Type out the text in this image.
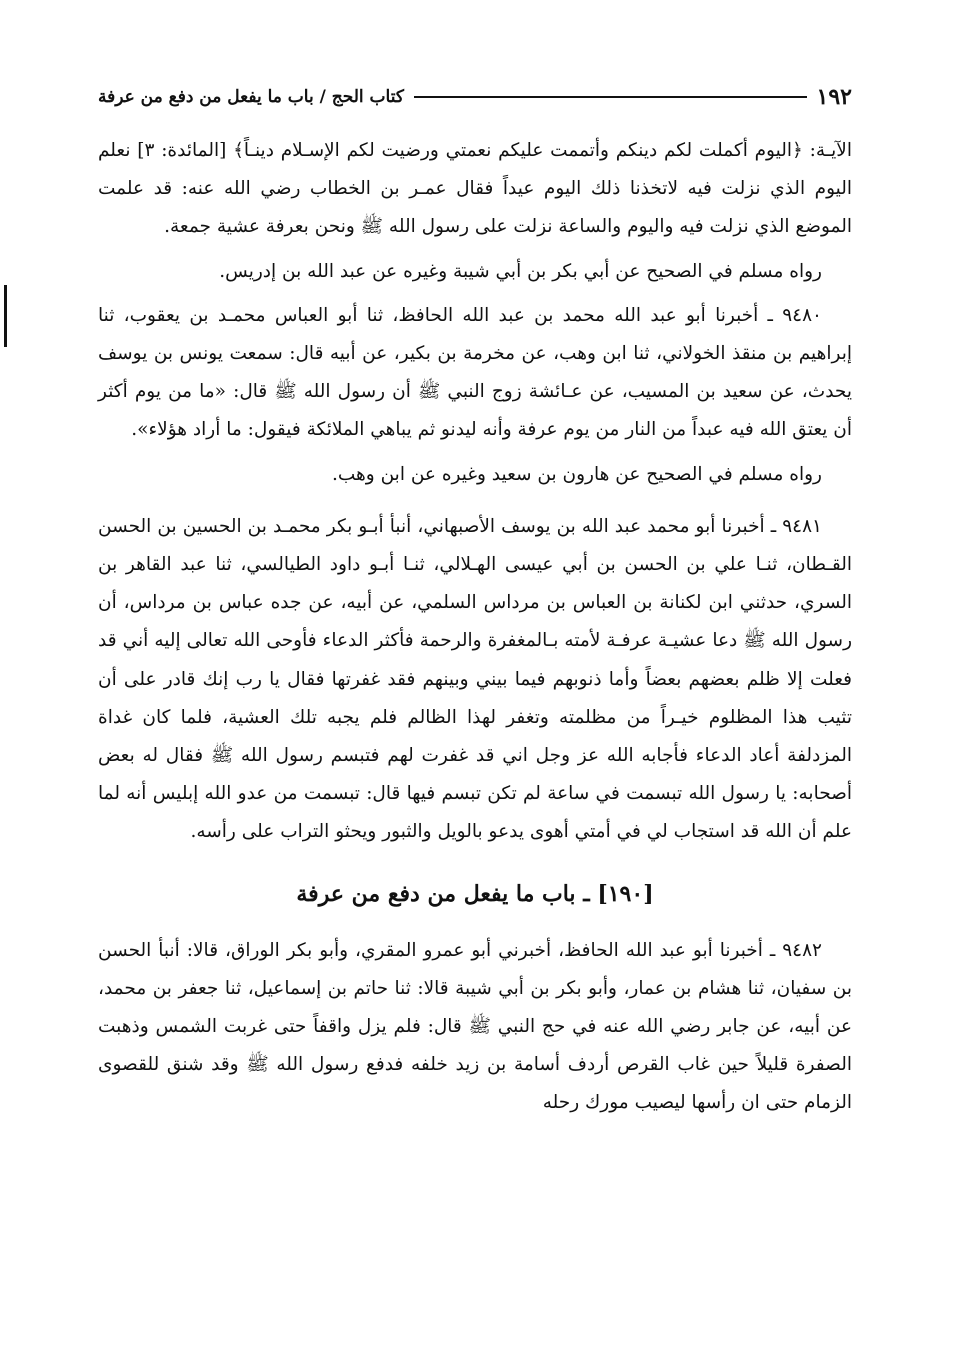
١٩٢
كتاب الحج / باب ما يفعل من دفع من عرفة

الآيـة: ﴿اليوم أكملت لكم دينكم وأتممت عليكم نعمتي ورضيت لكم الإسـلام دينـاً﴾ [المائدة: ٣] نعلم اليوم الذي نزلت فيه لاتخذنا ذلك اليوم عيداً فقال عمـر بن الخطاب رضي الله عنه: قد علمت الموضع الذي نزلت فيه واليوم والساعة نزلت على رسول الله ﷺ ونحن بعرفة عشية جمعة.

رواه مسلم في الصحيح عن أبي بكر بن أبي شيبة وغيره عن عبد الله بن إدريس.

٩٤٨٠ ـ أخبرنا أبو عبد الله محمد بن عبد الله الحافظ، ثنا أبو العباس محمـد بن يعقوب، ثنا إبراهيم بن منقذ الخولاني، ثنا ابن وهب، عن مخرمة بن بكير، عن أبيه قال: سمعت يونس بن يوسف يحدث، عن سعيد بن المسيب، عن عـائشة زوج النبي ﷺ أن رسول الله ﷺ قال: «ما من يوم أكثر أن يعتق الله فيه عبداً من النار من يوم عرفة وأنه ليدنو ثم يباهي الملائكة فيقول: ما أراد هؤلاء».

رواه مسلم في الصحيح عن هارون بن سعيد وغيره عن ابن وهب.

٩٤٨١ ـ أخبرنا أبو محمد عبد الله بن يوسف الأصبهاني، أنبأ أبـو بكر محمـد بن الحسين بن الحسن القـطان، ثنـا علي بن الحسن بن أبي عيسى الهـلالي، ثنـا أبـو داود الطيالسي، ثنا عبد القاهر بن السري، حدثني ابن لكنانة بن العباس بن مرداس السلمي، عن أبيه، عن جده عباس بن مرداس، أن رسول الله ﷺ دعا عشيـة عرفـة لأمته بـالمغفرة والرحمة فأكثر الدعاء فأوحى الله تعالى إليه أني قد فعلت إلا ظلم بعضهم بعضاً وأما ذنوبهم فيما بيني وبينهم فقد غفرتها فقال يا رب إنك قادر على أن تثيب هذا المظلوم خيـراً من مظلمته وتغفر لهذا الظالم فلم يجبه تلك العشية، فلما كان غداة المزدلفة أعاد الدعاء فأجابه الله عز وجل اني قد غفرت لهم فتبسم رسول الله ﷺ فقال له بعض أصحابه: يا رسول الله تبسمت في ساعة لم تكن تبسم فيها قال: تبسمت من عدو الله إبليس أنه لما علم أن الله قد استجاب لي في أمتي أهوى يدعو بالويل والثبور ويحثو التراب على رأسه.

[١٩٠] ـ باب ما يفعل من دفع من عرفة

٩٤٨٢ ـ أخبرنا أبو عبد الله الحافظ، أخبرني أبو عمرو المقري، وأبو بكر الوراق، قالا: أنبأ الحسن بن سفيان، ثنا هشام بن عمار، وأبو بكر بن أبي شيبة قالا: ثنا حاتم بن إسماعيل، ثنا جعفر بن محمد، عن أبيه، عن جابر رضي الله عنه في حج النبي ﷺ قال: فلم يزل واقفاً حتى غربت الشمس وذهبت الصفرة قليلاً حين غاب القرص أردف أسامة بن زيد خلفه فدفع رسول الله ﷺ وقد شنق للقصوى الزمام حتى ان رأسها ليصيب مورك رحله
